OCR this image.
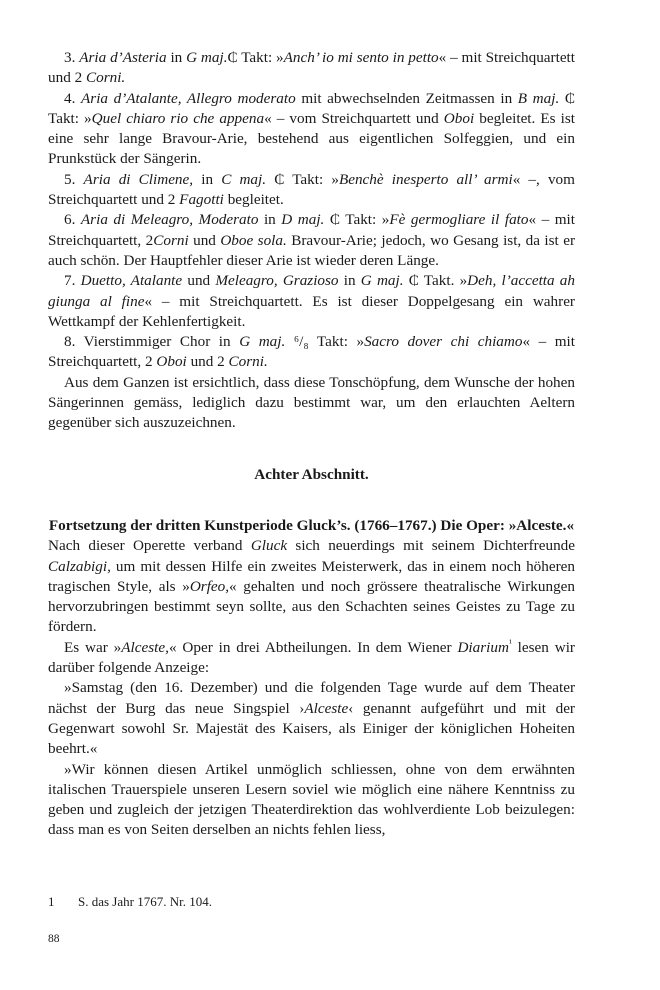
3. Aria d’Asteria in G maj.₵ Takt: »Anch’ io mi sento in petto« – mit Streichquartett und 2 Corni.

4. Aria d’Atalante, Allegro moderato mit abwechselnden Zeitmassen in B maj. ₵ Takt: »Quel chiaro rio che appena« – vom Streichquartett und Oboi begleitet. Es ist eine sehr lange Bravour-Arie, bestehend aus eigentlichen Solfeggien, und ein Prunkstück der Sängerin.

5. Aria di Climene, in C maj. ₵ Takt: »Benchè inesperto all’ armi« –, vom Streichquartett und 2 Fagotti begleitet.

6. Aria di Meleagro, Moderato in D maj. ₵ Takt: »Fè germogliare il fato« – mit Streichquartett, 2Corni und Oboe sola. Bravour-Arie; jedoch, wo Gesang ist, da ist er auch schön. Der Hauptfehler dieser Arie ist wieder deren Länge.

7. Duetto, Atalante und Meleagro, Grazioso in G maj. ₵ Takt. »Deh, l’accetta ah giunga al fine« – mit Streichquartett. Es ist dieser Doppelgesang ein wahrer Wettkampf der Kehlenfertigkeit.

8. Vierstimmiger Chor in G maj. ⁶/₈ Takt: »Sacro dover chi chiamo« – mit Streichquartett, 2 Oboi und 2 Corni.

Aus dem Ganzen ist ersichtlich, dass diese Tonschöpfung, dem Wunsche der hohen Sängerinnen gemäss, lediglich dazu bestimmt war, um den erlauchten Aeltern gegenüber sich auszuzeichnen.

Achter Abschnitt.
Fortsetzung der dritten Kunstperiode Gluck’s. (1766–1767.) Die Oper: »Alceste.«

Nach dieser Operette verband Gluck sich neuerdings mit seinem Dichterfreunde Calzabigi, um mit dessen Hilfe ein zweites Meisterwerk, das in einem noch höheren tragischen Style, als »Orfeo,« gehalten und noch grössere theatralische Wirkungen hervorzubringen bestimmt seyn sollte, aus den Schachten seines Geistes zu Tage zu fördern.

Es war »Alceste,« Oper in drei Abtheilungen. In dem Wiener Diarium$^{^1}$ lesen wir darüber folgende Anzeige:

»Samstag (den 16. Dezember) und die folgenden Tage wurde auf dem Theater nächst der Burg das neue Singspiel ›Alceste‹ genannt aufgeführt und mit der Gegenwart sowohl Sr. Majestät des Kaisers, als Einiger der königlichen Hoheiten beehrt.«

»Wir können diesen Artikel unmöglich schliessen, ohne von dem erwähnten italischen Trauerspiele unseren Lesern soviel wie möglich eine nähere Kenntniss zu geben und zugleich der jetzigen Theaterdirektion das wohlverdiente Lob beizulegen: dass man es von Seiten derselben an nichts fehlen liess,

1 S. das Jahr 1767. Nr. 104.
88
